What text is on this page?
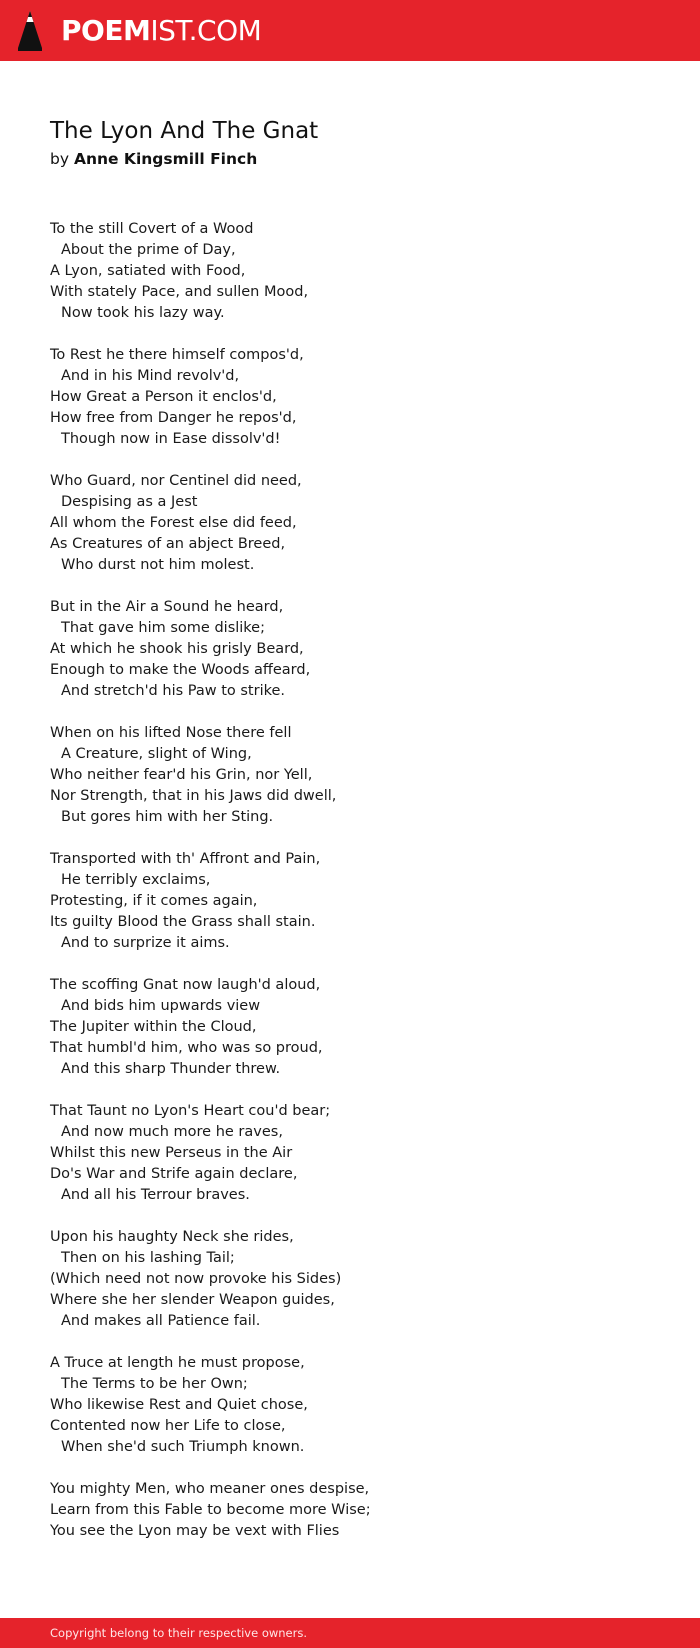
POEMIST.COM
The Lyon And The Gnat
by Anne Kingsmill Finch
To the still Covert of a Wood
About the prime of Day,
A Lyon, satiated with Food,
With stately Pace, and sullen Mood,
Now took his lazy way.
To Rest he there himself compos'd,
And in his Mind revolv'd,
How Great a Person it enclos'd,
How free from Danger he repos'd,
Though now in Ease dissolv'd!
Who Guard, nor Centinel did need,
Despising as a Jest
All whom the Forest else did feed,
As Creatures of an abject Breed,
Who durst not him molest.
But in the Air a Sound he heard,
That gave him some dislike;
At which he shook his grisly Beard,
Enough to make the Woods affeard,
And stretch'd his Paw to strike.
When on his lifted Nose there fell
A Creature, slight of Wing,
Who neither fear'd his Grin, nor Yell,
Nor Strength, that in his Jaws did dwell,
But gores him with her Sting.
Transported with th' Affront and Pain,
He terribly exclaims,
Protesting, if it comes again,
Its guilty Blood the Grass shall stain.
And to surprize it aims.
The scoffing Gnat now laugh'd aloud,
And bids him upwards view
The Jupiter within the Cloud,
That humbl'd him, who was so proud,
And this sharp Thunder threw.
That Taunt no Lyon's Heart cou'd bear;
And now much more he raves,
Whilst this new Perseus in the Air
Do's War and Strife again declare,
And all his Terrour braves.
Upon his haughty Neck she rides,
Then on his lashing Tail;
(Which need not now provoke his Sides)
Where she her slender Weapon guides,
And makes all Patience fail.
A Truce at length he must propose,
The Terms to be her Own;
Who likewise Rest and Quiet chose,
Contented now her Life to close,
When she'd such Triumph known.
You mighty Men, who meaner ones despise,
Learn from this Fable to become more Wise;
You see the Lyon may be vext with Flies
Copyright belong to their respective owners.
